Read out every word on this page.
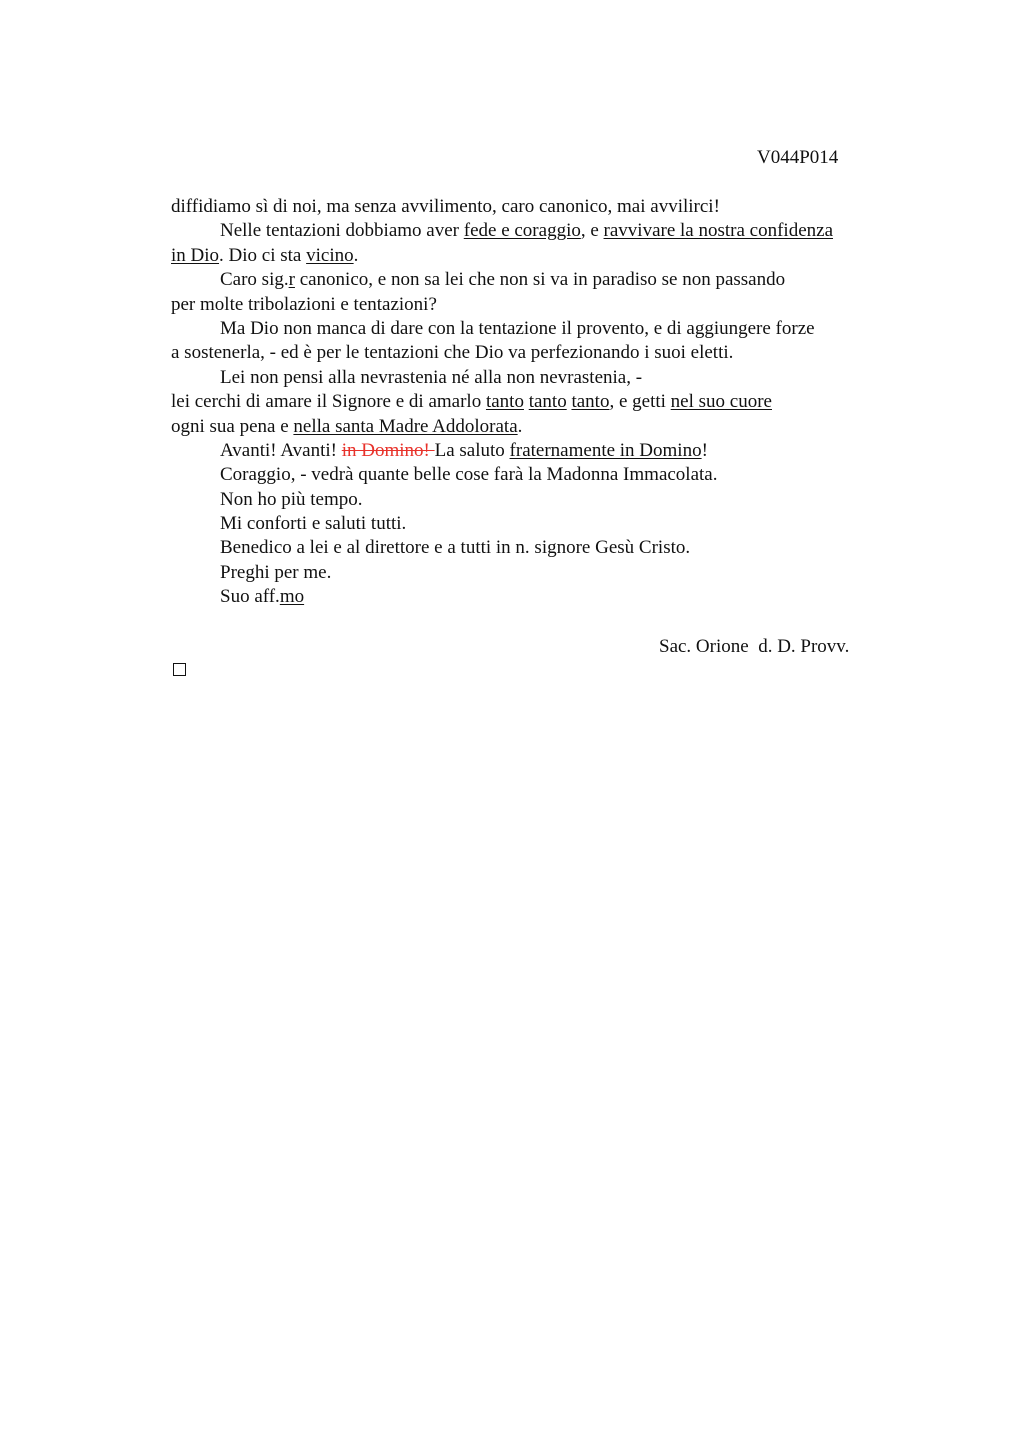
V044P014
diffidiamo sì di noi, ma senza avvilimento, caro canonico, mai avvilirci!
Nelle tentazioni dobbiamo aver fede e coraggio, e ravvivare la nostra confidenza
in Dio. Dio ci sta vicino.
Caro sig.r canonico, e non sa lei che non si va in paradiso se non passando
per molte tribolazioni e tentazioni?
Ma Dio non manca di dare con la tentazione il provento, e di aggiungere forze
a sostenerla, - ed è per le tentazioni che Dio va perfezionando i suoi eletti.
Lei non pensi alla nevrastenia né alla non nevrastenia, -
lei cerchi di amare il Signore e di amarlo tanto tanto tanto, e getti nel suo cuore
ogni sua pena e nella santa Madre Addolorata.
Avanti! Avanti! in Domino! La saluto fraternamente in Domino!
Coraggio, - vedrà quante belle cose farà la Madonna Immacolata.
Non ho più tempo.
Mi conforti e saluti tutti.
Benedico a lei e al direttore e a tutti in n. signore Gesù Cristo.
Preghi per me.
Suo aff.mo
Sac. Orione  d. D. Provv.
